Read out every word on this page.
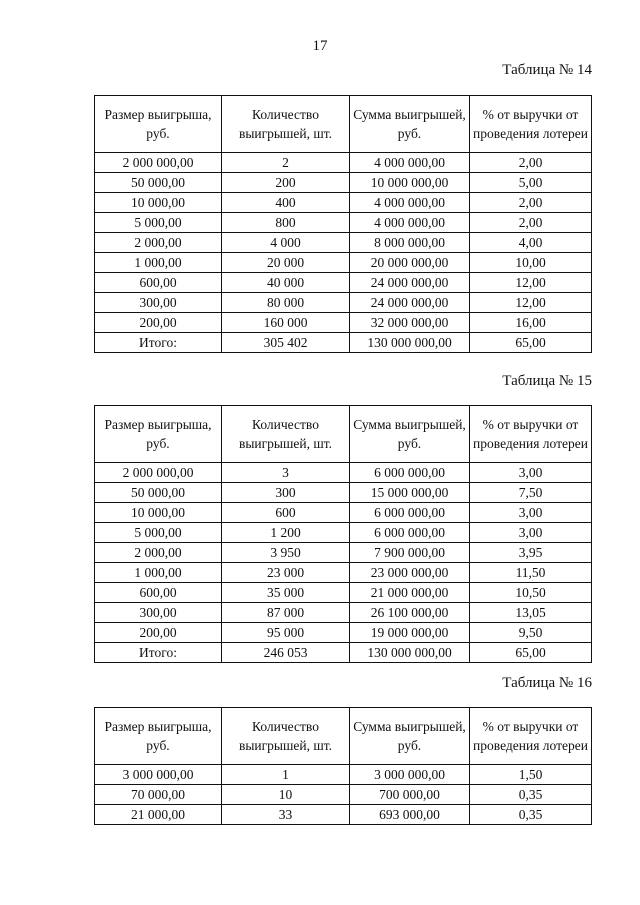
17
Таблица № 14
Размер выигрыша, руб.	Количество выигрышей, шт.	Сумма выигрышей, руб.	% от выручки от проведения лотереи
2 000 000,00	2	4 000 000,00	2,00
50 000,00	200	10 000 000,00	5,00
10 000,00	400	4 000 000,00	2,00
5 000,00	800	4 000 000,00	2,00
2 000,00	4 000	8 000 000,00	4,00
1 000,00	20 000	20 000 000,00	10,00
600,00	40 000	24 000 000,00	12,00
300,00	80 000	24 000 000,00	12,00
200,00	160 000	32 000 000,00	16,00
Итого:	305 402	130 000 000,00	65,00
Таблица № 15
Размер выигрыша, руб.	Количество выигрышей, шт.	Сумма выигрышей, руб.	% от выручки от проведения лотереи
2 000 000,00	3	6 000 000,00	3,00
50 000,00	300	15 000 000,00	7,50
10 000,00	600	6 000 000,00	3,00
5 000,00	1 200	6 000 000,00	3,00
2 000,00	3 950	7 900 000,00	3,95
1 000,00	23 000	23 000 000,00	11,50
600,00	35 000	21 000 000,00	10,50
300,00	87 000	26 100 000,00	13,05
200,00	95 000	19 000 000,00	9,50
Итого:	246 053	130 000 000,00	65,00
Таблица № 16
Размер выигрыша, руб.	Количество выигрышей, шт.	Сумма выигрышей, руб.	% от выручки от проведения лотереи
3 000 000,00	1	3 000 000,00	1,50
70 000,00	10	700 000,00	0,35
21 000,00	33	693 000,00	0,35
